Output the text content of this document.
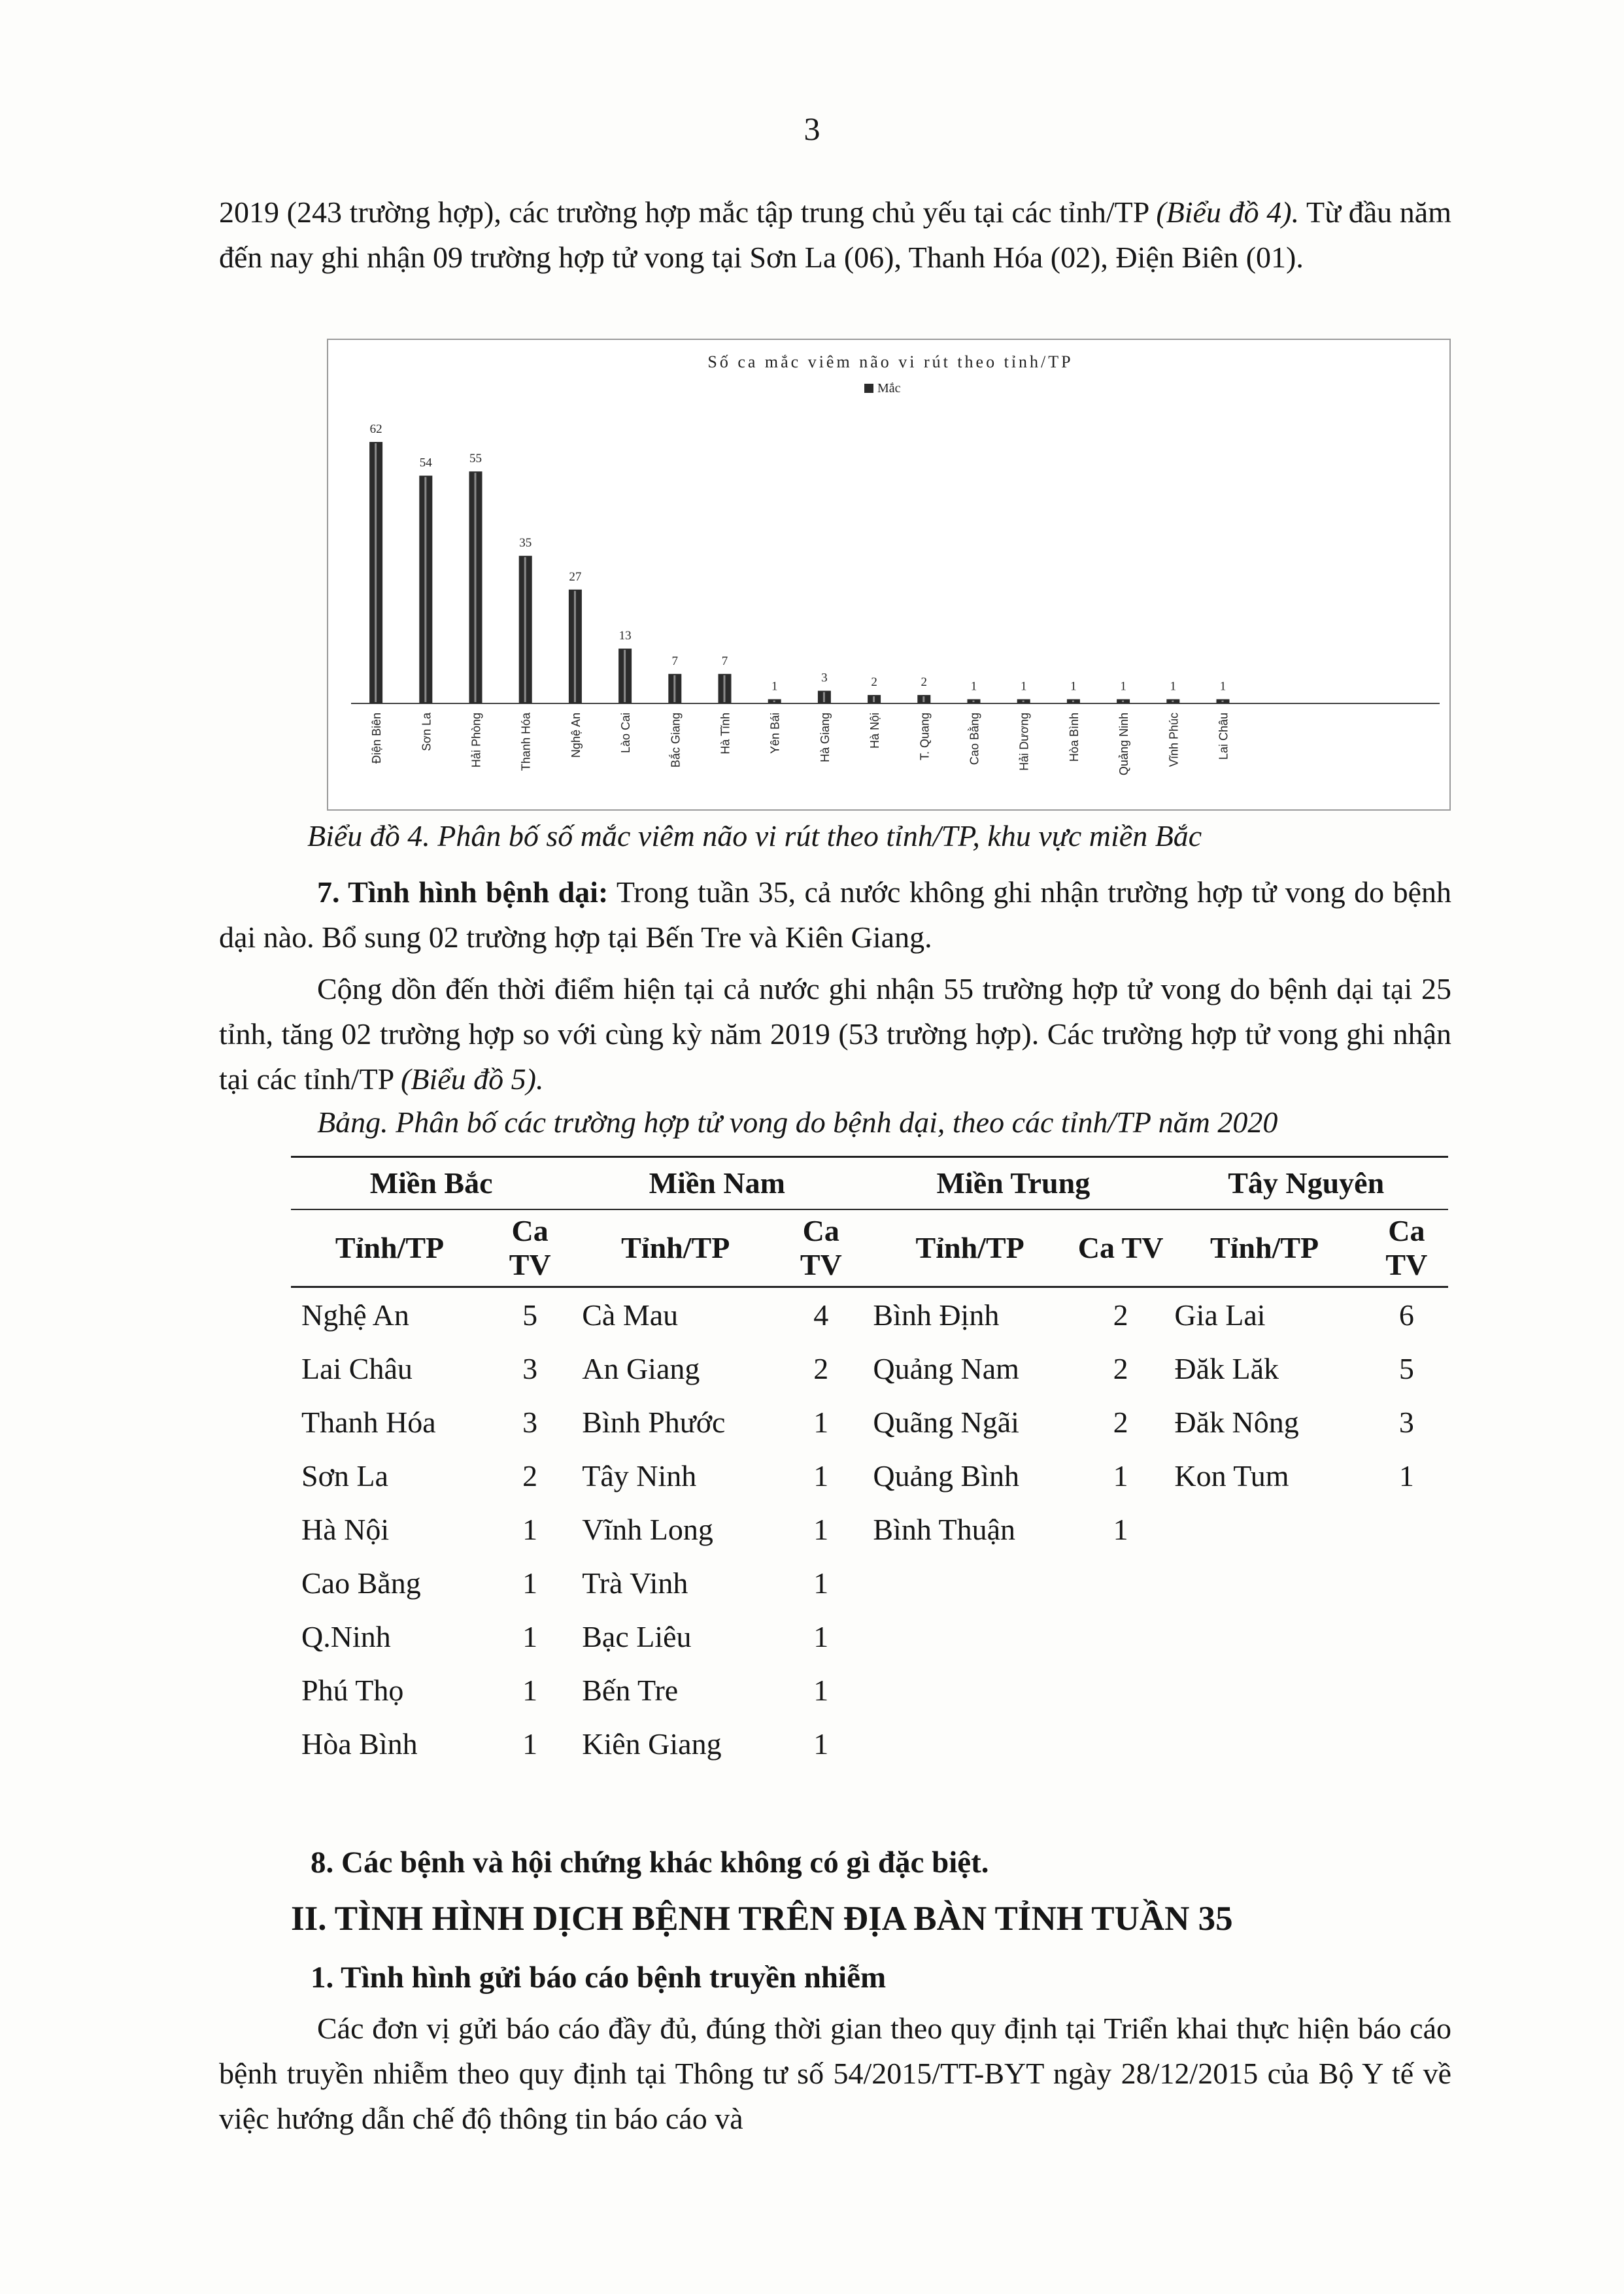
3

2019 (243 trường hợp), các trường hợp mắc tập trung chủ yếu tại các tỉnh/TP (Biểu đồ 4). Từ đầu năm đến nay ghi nhận 09 trường hợp tử vong tại Sơn La (06), Thanh Hóa (02), Điện Biên (01).

Số ca mắc viêm não vi rút theo tỉnh/TP
Mắc
62
Điện Biên
54
Sơn La
55
Hải Phòng
35
Thanh Hóa
27
Nghệ An
13
Lào Cai
7
Bắc Giang
7
Hà Tĩnh
1
Yên Bái
3
Hà Giang
2
Hà Nội
2
T. Quang
1
Cao Bằng
1
Hải Dương
1
Hòa Bình
1
Quảng Ninh
1
Vĩnh Phúc
1
Lai Châu
Biểu đồ 4. Phân bố số mắc viêm não vi rút theo tỉnh/TP, khu vực miền Bắc

7. Tình hình bệnh dại: Trong tuần 35, cả nước không ghi nhận trường hợp tử vong do bệnh dại nào. Bổ sung 02 trường hợp tại Bến Tre và Kiên Giang.

Cộng dồn đến thời điểm hiện tại cả nước ghi nhận 55 trường hợp tử vong do bệnh dại tại 25 tỉnh, tăng 02 trường hợp so với cùng kỳ năm 2019 (53 trường hợp). Các trường hợp tử vong ghi nhận tại các tỉnh/TP (Biểu đồ 5).

Bảng. Phân bố các trường hợp tử vong do bệnh dại, theo các tỉnh/TP năm 2020
Miền Bắc		Miền Nam		Miền Trung		Tây Nguyên	
Tỉnh/TP	Ca TV	Tỉnh/TP	Ca TV	Tỉnh/TP	Ca TV	Tỉnh/TP	Ca TV
Nghệ An	5	Cà Mau	4	Bình Định	2	Gia Lai	6
Lai Châu	3	An Giang	2	Quảng Nam	2	Đăk Lăk	5
Thanh Hóa	3	Bình Phước	1	Quãng Ngãi	2	Đăk Nông	3
Sơn La	2	Tây Ninh	1	Quảng Bình	1	Kon Tum	1
Hà Nội	1	Vĩnh Long	1	Bình Thuận	1		
Cao Bằng	1	Trà Vinh	1				
Q.Ninh	1	Bạc Liêu	1				
Phú Thọ	1	Bến Tre	1				
Hòa Bình	1	Kiên Giang	1				
8. Các bệnh và hội chứng khác không có gì đặc biệt.
II. TÌNH HÌNH DỊCH BỆNH TRÊN ĐỊA BÀN TỈNH TUẦN 35
1. Tình hình gửi báo cáo bệnh truyền nhiễm

Các đơn vị gửi báo cáo đầy đủ, đúng thời gian theo quy định tại Triển khai thực hiện báo cáo bệnh truyền nhiễm theo quy định tại Thông tư số 54/2015/TT-BYT ngày 28/12/2015 của Bộ Y tế về việc hướng dẫn chế độ thông tin báo cáo và
